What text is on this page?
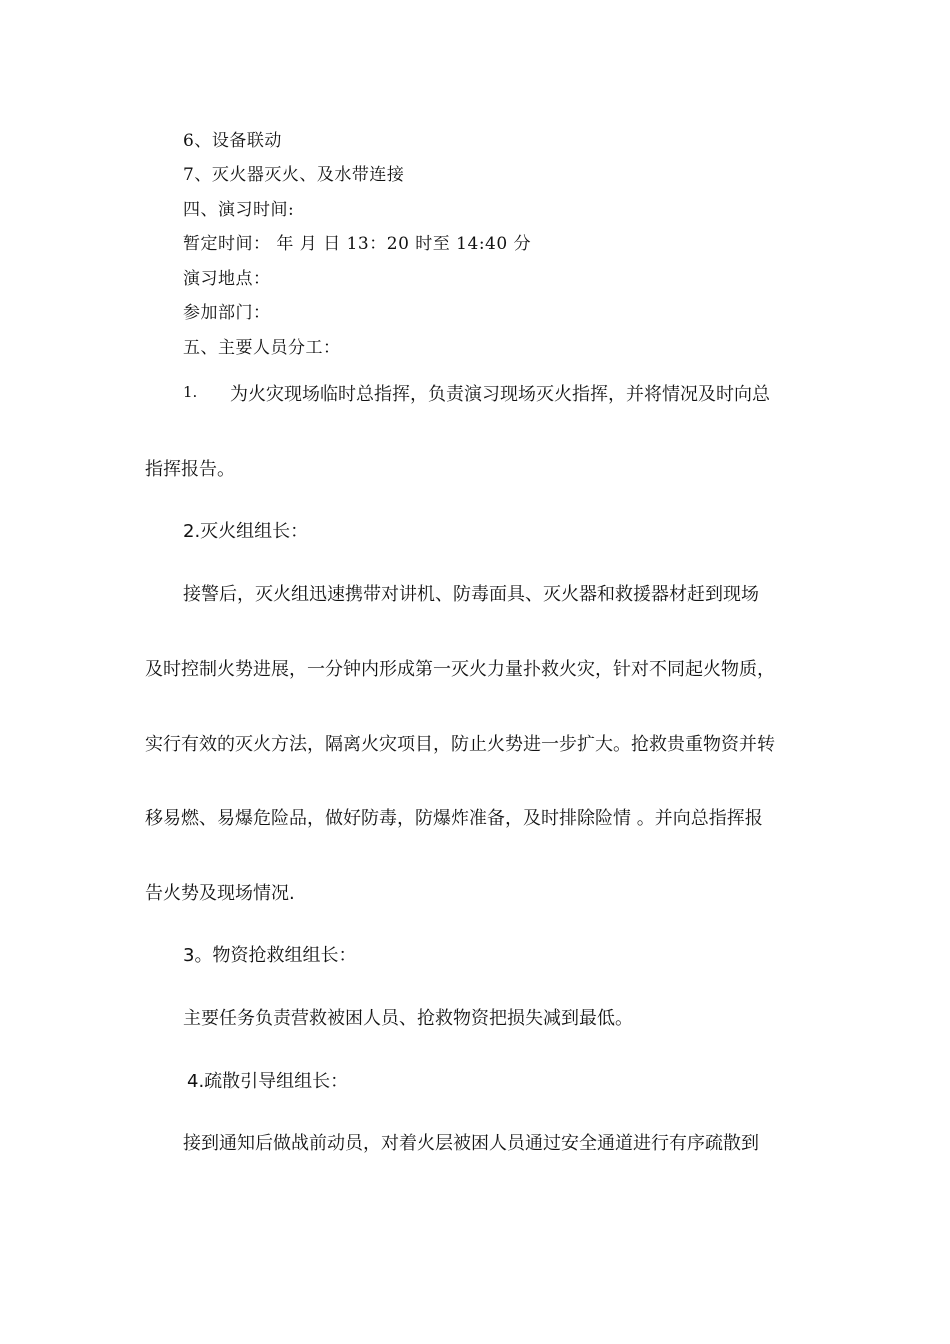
6、设备联动

7、灭火器灭火、及水带连接

四、演习时间:

暂定时间： 年 月 日 13：20 时至 14:40 分

演习地点：

参加部门：

五、主要人员分工：

1. 为火灾现场临时总指挥，负责演习现场灭火指挥，并将情况及时向总

指挥报告。

2.灭火组组长：

接警后，灭火组迅速携带对讲机、防毒面具、灭火器和救援器材赶到现场

及时控制火势进展，一分钟内形成第一灭火力量扑救火灾，针对不同起火物质，

实行有效的灭火方法，隔离火灾项目，防止火势进一步扩大。抢救贵重物资并转

移易燃、易爆危险品，做好防毒，防爆炸准备，及时排除险情 。并向总指挥报

告火势及现场情况.

3。物资抢救组组长：

主要任务负责营救被困人员、抢救物资把损失减到最低。

4.疏散引导组组长：

接到通知后做战前动员，对着火层被困人员通过安全通道进行有序疏散到
